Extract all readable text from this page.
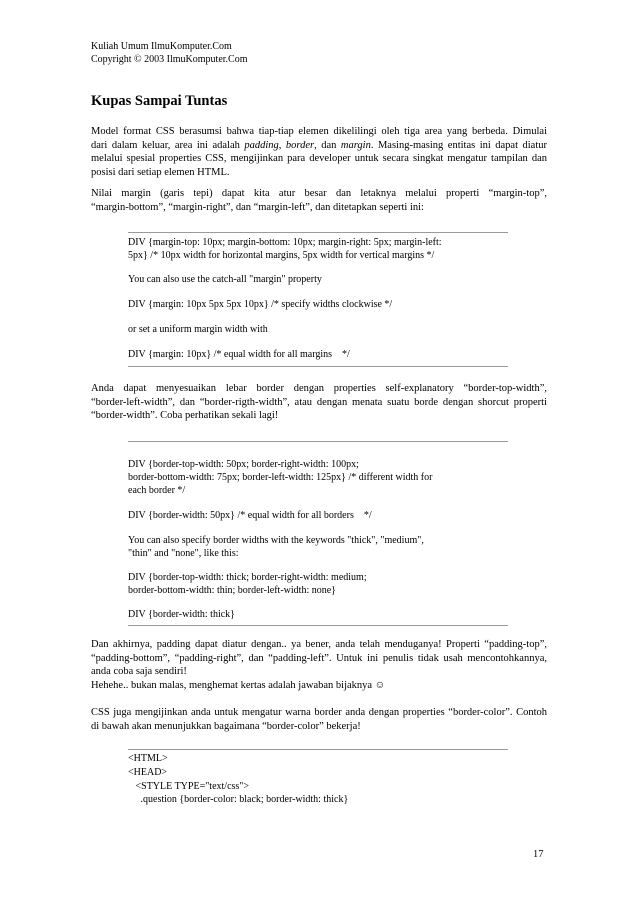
Kuliah Umum IlmuKomputer.Com
Copyright © 2003 IlmuKomputer.Com
Kupas Sampai Tuntas
Model format CSS berasumsi bahwa tiap-tiap elemen dikelilingi oleh tiga area yang berbeda. Dimulai
dari dalam keluar, area ini adalah padding, border, dan margin. Masing-masing entitas ini dapat diatur
melalui spesial properties CSS, mengijinkan para developer untuk secara singkat mengatur tampilan dan
posisi dari setiap elemen HTML.
Nilai margin (garis tepi) dapat kita atur besar dan letaknya melalui properti “margin-top”,
“margin-bottom”, “margin-right”, dan “margin-left”, dan ditetapkan seperti ini:
DIV {margin-top: 10px; margin-bottom: 10px; margin-right: 5px; margin-left:
5px} /* 10px width for horizontal margins, 5px width for vertical margins */
You can also use the catch-all "margin" property
DIV {margin: 10px 5px 5px 10px} /* specify widths clockwise */
or set a uniform margin width with
DIV {margin: 10px} /* equal width for all margins    */
Anda dapat menyesuaikan lebar border dengan properties self-explanatory “border-top-width”,
“border-left-width”, dan “border-rigth-width”, atau dengan menata suatu borde dengan shorcut properti
“border-width”. Coba perhatikan sekali lagi!
DIV {border-top-width: 50px; border-right-width: 100px;
border-bottom-width: 75px; border-left-width: 125px} /* different width for
each border */
DIV {border-width: 50px} /* equal width for all borders    */
You can also specify border widths with the keywords "thick", "medium",
"thin" and "none", like this:
DIV {border-top-width: thick; border-right-width: medium;
border-bottom-width: thin; border-left-width: none}
DIV {border-width: thick}
Dan akhirnya, padding dapat diatur dengan.. ya bener, anda telah menduganya! Properti “padding-top”,
“padding-bottom”, “padding-right”, dan “padding-left”. Untuk ini penulis tidak usah mencontohkannya,
anda coba saja sendiri!
Hehehe.. bukan malas, menghemat kertas adalah jawaban bijaknya ☺
CSS juga mengijinkan anda untuk mengatur warna border anda dengan properties “border-color”. Contoh
di bawah akan menunjukkan bagaimana “border-color” bekerja!
<HTML>
<HEAD>
<STYLE TYPE="text/css">
.question {border-color: black; border-width: thick}
17
